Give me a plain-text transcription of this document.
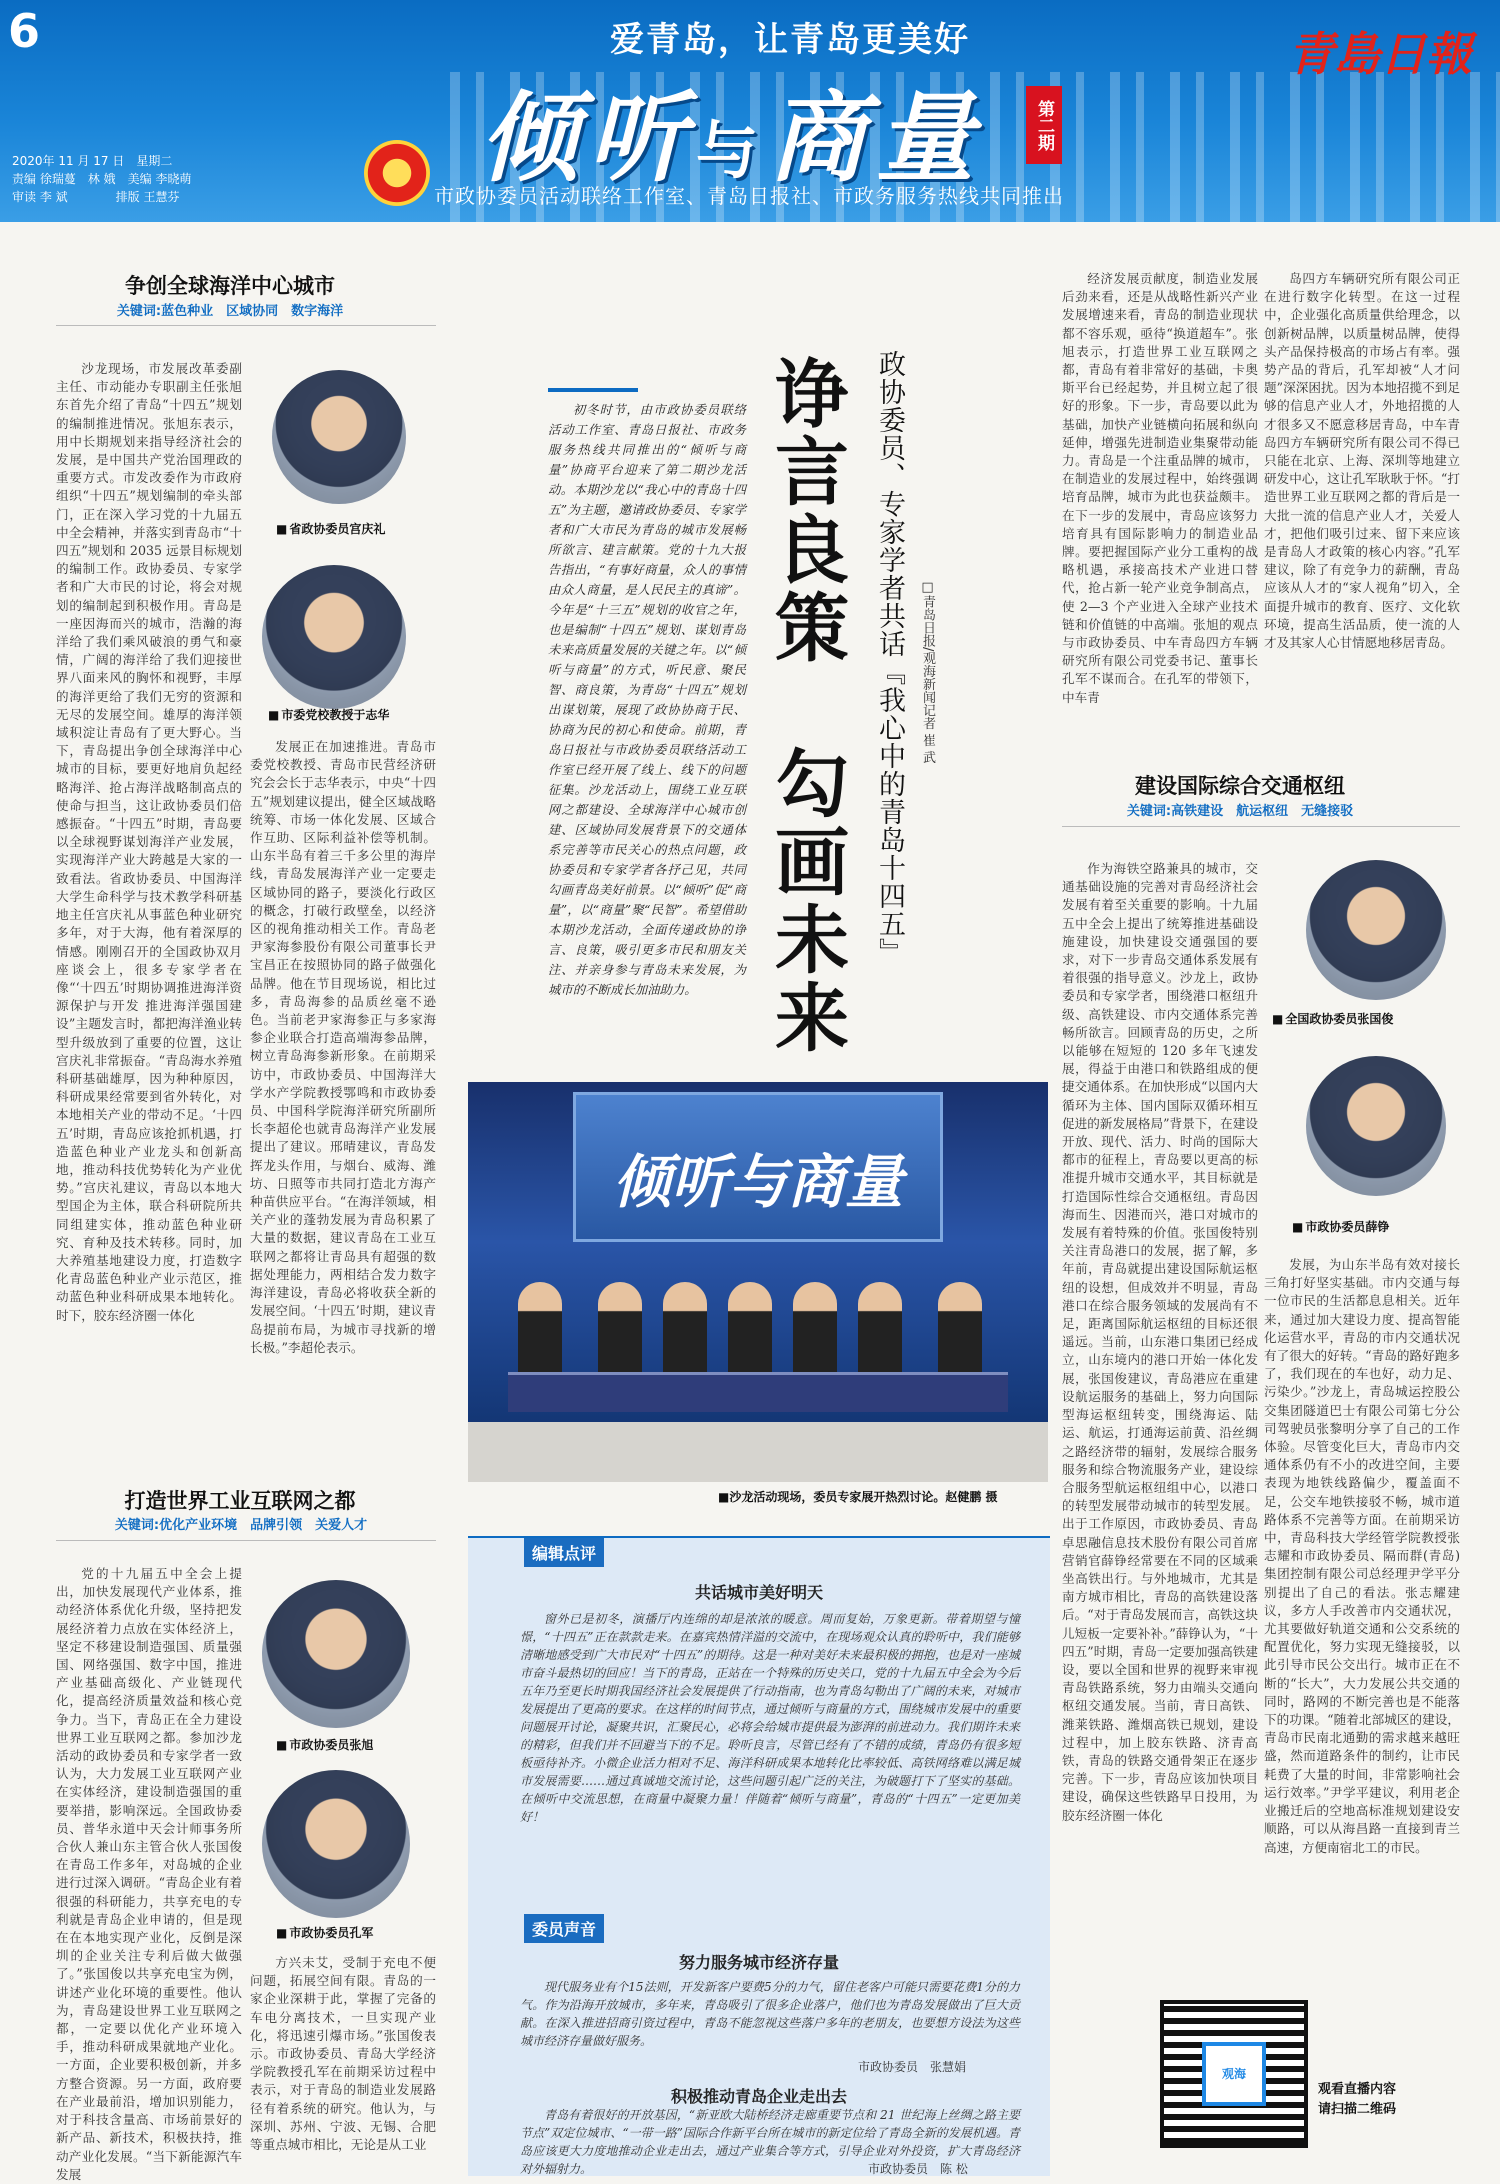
6	爱青岛，让青岛更美好
倾听与商量	第二期
青島日報
市政协委员活动联络工作室、青岛日报社、市政务服务热线共同推出
2020年 11 月 17 日　星期二
责编 徐瑞蔓　林 娥　美编 李晓萌
审读 李 斌　　　　排版 王慧芬
争创全球海洋中心城市
关键词:蓝色种业　区域协同　数字海洋
沙龙现场，市发展改革委副主任、市动能办专职副主任张旭东首先介绍了青岛“十四五”规划的编制推进情况。张旭东表示，用中长期规划来指导经济社会的发展，是中国共产党治国理政的重要方式。市发改委作为市政府组织“十四五”规划编制的牵头部门，正在深入学习党的十九届五中全会精神，并落实到青岛市“十四五”规划和 2035 远景目标规划的编制工作。政协委员、专家学者和广大市民的讨论，将会对规划的编制起到积极作用。青岛是一座因海而兴的城市，浩瀚的海洋给了我们乘风破浪的勇气和豪情，广阔的海洋给了我们迎接世界八面来风的胸怀和视野，丰厚的海洋更给了我们无穷的资源和无尽的发展空间。雄厚的海洋领域积淀让青岛有了更大野心。当下，青岛提出争创全球海洋中心城市的目标，要更好地肩负起经略海洋、抢占海洋战略制高点的使命与担当，这让政协委员们倍感振奋。“十四五”时期，青岛要以全球视野谋划海洋产业发展，实现海洋产业大跨越是大家的一致看法。省政协委员、中国海洋大学生命科学与技术教学科研基地主任宫庆礼从事蓝色种业研究多年，对于大海，他有着深厚的情感。刚刚召开的全国政协双月座谈会上，很多专家学者在像“‘十四五’时期协调推进海洋资源保护与开发 推进海洋强国建设”主题发言时，都把海洋渔业转型升级放到了重要的位置，这让宫庆礼非常振奋。“青岛海水养殖科研基础雄厚，因为种种原因，科研成果经常要到省外转化，对本地相关产业的带动不足。‘十四五’时期，青岛应该抢抓机遇，打造蓝色种业产业龙头和创新高地，推动科技优势转化为产业优势。”宫庆礼建议，青岛以本地大型国企为主体，联合科研院所共同组建实体，推动蓝色种业研究、育种及技术转移。同时，加大养殖基地建设力度，打造数字化青岛蓝色种业产业示范区，推动蓝色种业科研成果本地转化。时下，胶东经济圈一体化
■ 省政协委员宫庆礼
■ 市委党校教授于志华
发展正在加速推进。青岛市委党校教授、青岛市民营经济研究会会长于志华表示，中央“十四五”规划建议提出，健全区域战略统筹、市场一体化发展、区域合作互助、区际利益补偿等机制。山东半岛有着三千多公里的海岸线，青岛发展海洋产业一定要走区域协同的路子，要淡化行政区的概念，打破行政壁垒，以经济区的视角推动相关工作。青岛老尹家海参股份有限公司董事长尹宝昌正在按照协同的路子做强化品牌。他在节目现场说，相比过多，青岛海参的品质丝毫不逊色。当前老尹家海参正与多家海参企业联合打造高端海参品牌，树立青岛海参新形象。在前期采访中，市政协委员、中国海洋大学水产学院教授鄂鸣和市政协委员、中国科学院海洋研究所副所长李超伦也就青岛海洋产业发展提出了建议。邢晴建议，青岛发挥龙头作用，与烟台、威海、潍坊、日照等市共同打造北方海产种苗供应平台。“在海洋领域，相关产业的蓬勃发展为青岛积累了大量的数据，建议青岛在工业互联网之都将让青岛具有超强的数据处理能力，两相结合发力数字海洋建设，青岛必将收获全新的发展空间。‘十四五’时期，建议青岛提前布局，为城市寻找新的增长极。”李超伦表示。
打造世界工业互联网之都
关键词:优化产业环境　品牌引领　关爱人才
党的十九届五中全会上提出，加快发展现代产业体系，推动经济体系优化升级，坚持把发展经济着力点放在实体经济上，坚定不移建设制造强国、质量强国、网络强国、数字中国，推进产业基础高级化、产业链现代化，提高经济质量效益和核心竞争力。当下，青岛正在全力建设世界工业互联网之都。参加沙龙活动的政协委员和专家学者一致认为，大力发展工业互联网产业在实体经济，建设制造强国的重要举措，影响深远。全国政协委员、普华永道中天会计师事务所合伙人兼山东主管合伙人张国俊在青岛工作多年，对岛城的企业进行过深入调研。“青岛企业有着很强的科研能力，共享充电的专利就是青岛企业申请的，但是现在在本地实现产业化，反倒是深圳的企业关注专利后做大做强了。”张国俊以共享充电宝为例，讲述产业化环境的重要性。他认为，青岛建设世界工业互联网之都，一定要以优化产业环境入手，推动科研成果就地产业化。一方面，企业要积极创新，并多方整合资源。另一方面，政府要在产业最前沿，增加识别能力，对于科技含量高、市场前景好的新产品、新技术，积极扶持，推动产业化发展。“当下新能源汽车发展
■ 市政协委员张旭
■ 市政协委员孔军
方兴未艾，受制于充电不便问题，拓展空间有限。青岛的一家企业深耕于此，掌握了完备的车电分离技术，一旦实现产业化，将迅速引爆市场。”张国俊表示。市政协委员、青岛大学经济学院教授孔军在前期采访过程中表示，对于青岛的制造业发展路径有着系统的研究。他认为，与深圳、苏州、宁波、无锡、合肥等重点城市相比，无论是从工业
初冬时节，由市政协委员联络活动工作室、青岛日报社、市政务服务热线共同推出的“倾听与商量”协商平台迎来了第二期沙龙活动。本期沙龙以“我心中的青岛十四五”为主题，邀请政协委员、专家学者和广大市民为青岛的城市发展畅所欲言、建言献策。党的十九大报告指出，“有事好商量，众人的事情由众人商量，是人民民主的真谛”。今年是“十三五”规划的收官之年，也是编制“十四五”规划、谋划青岛未来高质量发展的关键之年。以“倾听与商量”的方式，听民意、聚民智、商良策，为青岛“十四五”规划出谋划策，展现了政协协商于民、协商为民的初心和使命。前期，青岛日报社与市政协委员联络活动工作室已经开展了线上、线下的问题征集。沙龙活动上，围绕工业互联网之都建设、全球海洋中心城市创建、区域协同发展背景下的交通体系完善等市民关心的热点问题，政协委员和专家学者各抒己见，共同勾画青岛美好前景。以“倾听”促“商量”，以“商量”聚“民智”。希望借助本期沙龙活动，全面传递政协的诤言、良策，吸引更多市民和朋友关注、并亲身参与青岛未来发展，为城市的不断成长加油助力。 诤言良策　勾画未来 政协委员、专家学者共话『我心中的青岛十四五』	□青岛日报/观海新闻记者 崔 武
倾听与商量
■沙龙活动现场，委员专家展开热烈讨论。赵健鹏 摄
编辑点评
共话城市美好明天
窗外已是初冬，演播厅内连绵的却是浓浓的暖意。周而复始，万象更新。带着期望与憧憬，“十四五”正在款款走来。在嘉宾热情洋溢的交流中，在现场观众认真的聆听中，我们能够清晰地感受到广大市民对“十四五”的期待。这是一种对美好未来最积极的拥抱，也是对一座城市奋斗最热切的回应！当下的青岛，正站在一个特殊的历史关口，党的十九届五中全会为今后五年乃至更长时期我国经济社会发展提供了行动指南，也为青岛勾勒出了广阔的未来，对城市发展提出了更高的要求。在这样的时间节点，通过倾听与商量的方式，围绕城市发展中的重要问题展开讨论，凝聚共识，汇聚民心，必将会给城市提供最为澎湃的前进动力。我们期许未来的精彩，但我们并不回避当下的不足。聆听良言，尽管已经有了不错的成绩，青岛仍有很多短板亟待补齐。小微企业活力相对不足、海洋科研成果本地转化比率较低、高铁网络难以满足城市发展需要……通过真诚地交流讨论，这些问题引起广泛的关注，为破题打下了坚实的基础。在倾听中交流思想，在商量中凝聚力量！伴随着“倾听与商量”，青岛的“十四五”一定更加美好！
委员声音
努力服务城市经济存量
现代服务业有个15法则，开发新客户要费5分的力气，留住老客户可能只需要花费1分的力气。作为沿海开放城市，多年来，青岛吸引了很多企业落户，他们也为青岛发展做出了巨大贡献。在深入推进招商引资过程中，青岛不能忽视这些落户多年的老朋友，也要想方设法为这些城市经济存量做好服务。
市政协委员　张慧娟
积极推动青岛企业走出去
青岛有着很好的开放基因，“新亚欧大陆桥经济走廊重要节点和 21 世纪海上丝绸之路主要节点”双定位城市、“一带一路”国际合作新平台所在城市的新定位给了青岛全新的发展机遇。青岛应该更大力度地推动企业走出去，通过产业集合等方式，引导企业对外投资，扩大青岛经济对外辐射力。	市政协委员　陈 松
经济发展贡献度，制造业发展后劲来看，还是从战略性新兴产业发展增速来看，青岛的制造业现状都不容乐观，亟待“换道超车”。张旭表示，打造世界工业互联网之都，青岛有着非常好的基础，卡奥斯平台已经起势，并且树立起了很好的形象。下一步，青岛要以此为基础，加快产业链横向拓展和纵向延伸，增强先进制造业集聚带动能力。青岛是一个注重品牌的城市，在制造业的发展过程中，始终强调培育品牌，城市为此也获益颇丰。在下一步的发展中，青岛应该努力培育具有国际影响力的制造业品牌。要把握国际产业分工重构的战略机遇，承接高技术产业进口替代，抢占新一轮产业竞争制高点，使 2—3 个产业进入全球产业技术链和价值链的中高端。张旭的观点与市政协委员、中车青岛四方车辆研究所有限公司党委书记、董事长孔军不谋而合。在孔军的带领下，中车青
岛四方车辆研究所有限公司正在进行数字化转型。在这一过程中，企业强化高质量供给理念，以创新树品牌，以质量树品牌，使得头产品保持极高的市场占有率。强势产品的背后，孔军却被“人才问题”深深困扰。因为本地招揽不到足够的信息产业人才，外地招揽的人才很多又不愿意移居青岛，中车青岛四方车辆研究所有限公司不得已只能在北京、上海、深圳等地建立研发中心，这让孔军耿耿于怀。“打造世界工业互联网之都的背后是一大批一流的信息产业人才，关爱人才，把他们吸引过来、留下来应该是青岛人才政策的核心内容。”孔军建议，除了有竞争力的薪酬，青岛应该从人才的“家人视角”切入，全面提升城市的教育、医疗、文化软环境，提高生活品质，使一流的人才及其家人心甘情愿地移居青岛。
建设国际综合交通枢纽
关键词:高铁建设　航运枢纽　无缝接驳
作为海铁空路兼具的城市，交通基础设施的完善对青岛经济社会发展有着至关重要的影响。十九届五中全会上提出了统筹推进基础设施建设，加快建设交通强国的要求，对下一步青岛交通体系发展有着很强的指导意义。沙龙上，政协委员和专家学者，围绕港口枢纽升级、高铁建设、市内交通体系完善畅所欲言。回顾青岛的历史，之所以能够在短短的 120 多年飞速发展，得益于由港口和铁路组成的便捷交通体系。在加快形成“以国内大循环为主体、国内国际双循环相互促进的新发展格局”背景下，在建设开放、现代、活力、时尚的国际大都市的征程上，青岛要以更高的标准提升城市交通水平，其目标就是打造国际性综合交通枢纽。青岛因海而生、因港而兴，港口对城市的发展有着特殊的价值。张国俊特别关注青岛港口的发展，据了解，多年前，青岛就提出建设国际航运枢纽的设想，但成效并不明显，青岛港口在综合服务领域的发展尚有不足，距离国际航运枢纽的目标还很遥远。当前，山东港口集团已经成立，山东境内的港口开始一体化发展，张国俊建议，青岛港应在重建设航运服务的基础上，努力向国际型海运枢纽转变，围绕海运、陆运、航运，打通海运前黄、沿丝绸之路经济带的辐射，发展综合服务服务和综合物流服务产业，建设综合服务型航运枢纽组中心，以港口的转型发展带动城市的转型发展。出于工作原因，市政协委员、青岛卓思融信息技术股份有限公司首席营销官薛铮经常要在不同的区域乘坐高铁出行。与外地城市，尤其是南方城市相比，青岛的高铁建设落后。“对于青岛发展而言，高铁这块儿短板一定要补补。”薛铮认为，“十四五”时期，青岛一定要加强高铁建设，要以全国和世界的视野来审视青岛铁路系统，努力由端头交通向枢纽交通发展。当前，青日高铁、潍莱铁路、潍烟高铁已规划，建设过程中，加上胶东铁路、济青高铁，青岛的铁路交通骨架正在逐步完善。下一步，青岛应该加快项目建设，确保这些铁路早日投用，为胶东经济圈一体化
■ 全国政协委员张国俊
■ 市政协委员薛铮
发展，为山东半岛有效对接长三角打好坚实基础。市内交通与每一位市民的生活都息息相关。近年来，通过加大建设力度、提高智能化运营水平，青岛的市内交通状况有了很大的好转。“青岛的路好跑多了，我们现在的车也好，动力足、污染少。”沙龙上，青岛城运控股公交集团隧道巴士有限公司第七分公司驾驶员张黎明分享了自己的工作体验。尽管变化巨大，青岛市内交通体系仍有不小的改进空间，主要表现为地铁线路偏少，覆盖面不足，公交车地铁接驳不畅，城市道路体系不完善等方面。在前期采访中，青岛科技大学经管学院教授张志耀和市政协委员、隔而群(青岛)集团控制有限公司总经理尹学平分别提出了自己的看法。张志耀建议，多方人手改善市内交通状况，尤其要做好轨道交通和公交系统的配置优化，努力实现无缝接驳，以此引导市民公交出行。城市正在不断的“长大”，大力发展公共交通的同时，路网的不断完善也是不能落下的功课。“随着北部城区的建设，青岛市民南北通勤的需求越来越旺盛，然而道路条件的制约，让市民耗费了大量的时间，非常影响社会运行效率。”尹学平建议，利用老企业搬迁后的空地高标准规划建设安顺路，可以从海昌路一直接到青兰高速，方便南宿北工的市民。
观海
观看直播内容
请扫描二维码
